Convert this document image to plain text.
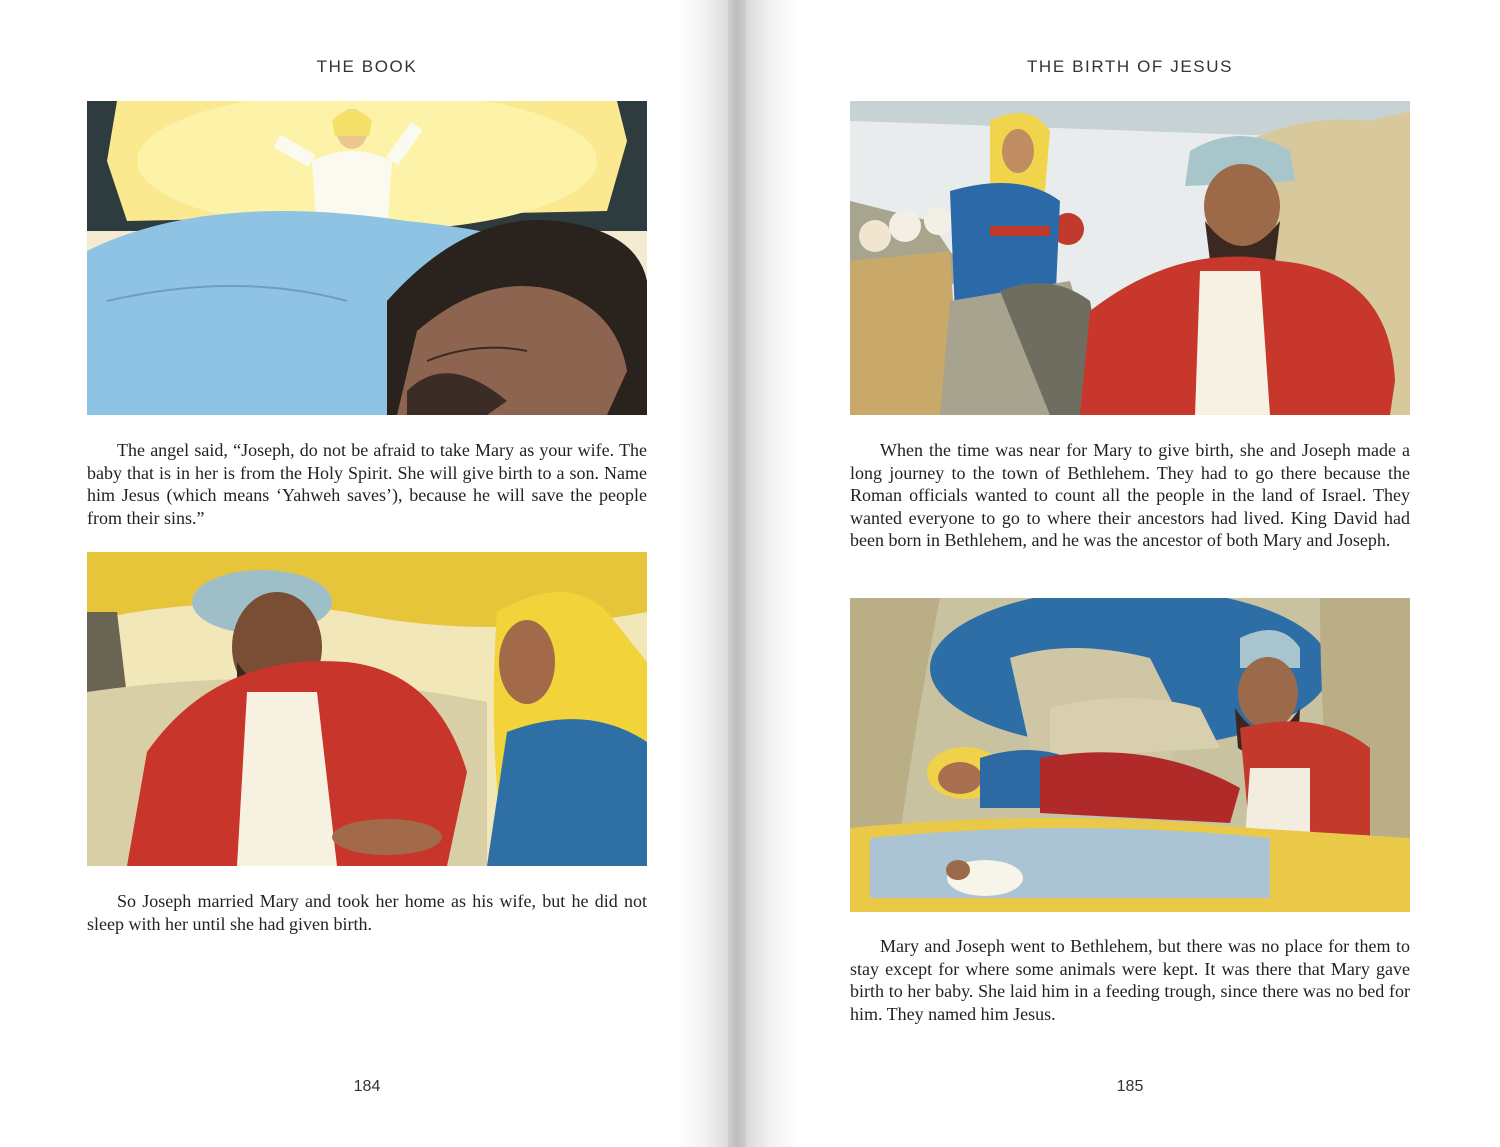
THE BOOK

The angel said, “Joseph, do not be afraid to take Mary as your wife. The baby that is in her is from the Holy Spirit. She will give birth to a son. Name him Jesus (which means ‘Yahweh saves’), because he will save the people from their sins.”

So Joseph married Mary and took her home as his wife, but he did not sleep with her until she had given birth.

184
THE BIRTH OF JESUS

When the time was near for Mary to give birth, she and Joseph made a long journey to the town of Bethlehem. They had to go there because the Roman officials wanted to count all the people in the land of Israel. They wanted everyone to go to where their ancestors had lived. King David had been born in Bethlehem, and he was the ancestor of both Mary and Joseph.

Mary and Joseph went to Bethlehem, but there was no place for them to stay except for where some animals were kept. It was there that Mary gave birth to her baby. She laid him in a feeding trough, since there was no bed for him. They named him Jesus.

185
